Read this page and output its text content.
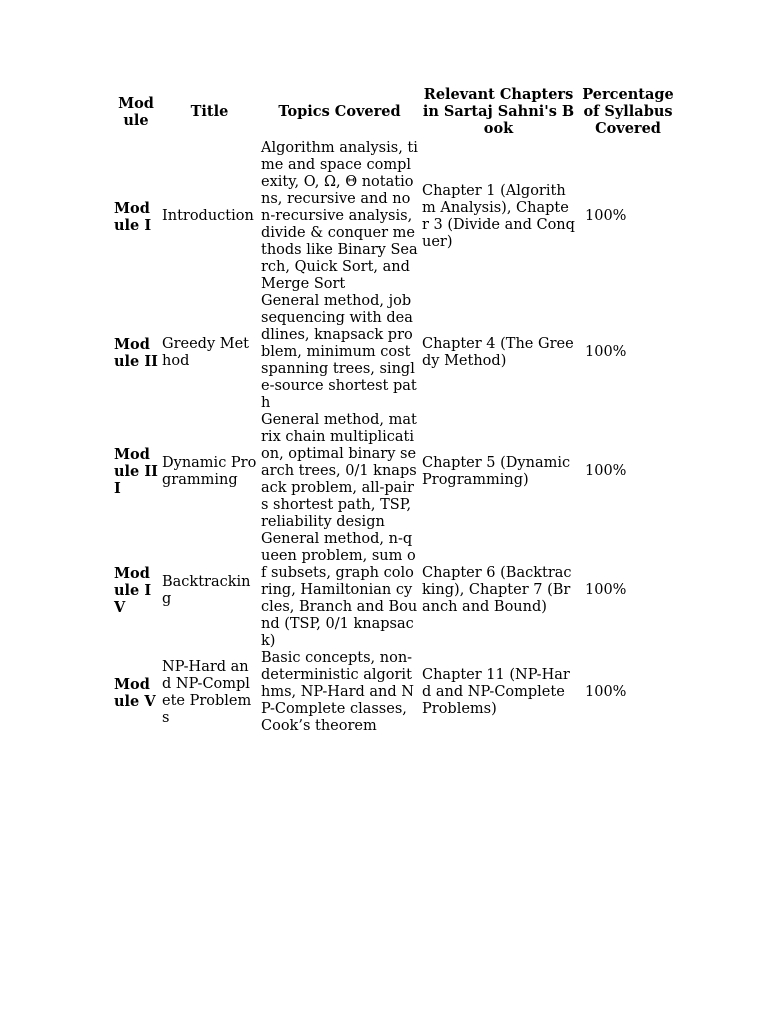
Module	Title	Topics Covered	Relevant Chapters in Sartaj Sahni's Book	Percentage of Syllabus Covered
Module I	Introduction	Algorithm analysis, time and space complexity, O, Ω, Θ notations, recursive and non-recursive analysis, divide & conquer methods like Binary Search, Quick Sort, and Merge Sort	Chapter 1 (Algorithm Analysis), Chapter 3 (Divide and Conquer)	100%
Module II	Greedy Method	General method, job sequencing with deadlines, knapsack problem, minimum cost spanning trees, single-source shortest path	Chapter 4 (The Greedy Method)	100%
Module III	Dynamic Programming	General method, matrix chain multiplication, optimal binary search trees, 0/1 knapsack problem, all-pairs shortest path, TSP, reliability design	Chapter 5 (Dynamic Programming)	100%
Module IV	Backtracking	General method, n-queen problem, sum of subsets, graph coloring, Hamiltonian cycles, Branch and Bound (TSP, 0/1 knapsack)	Chapter 6 (Backtracking), Chapter 7 (Branch and Bound)	100%
Module V	NP-Hard and NP-Complete Problems	Basic concepts, non-deterministic algorithms, NP-Hard and NP-Complete classes, Cook’s theorem	Chapter 11 (NP-Hard and NP-Complete Problems)	100%
